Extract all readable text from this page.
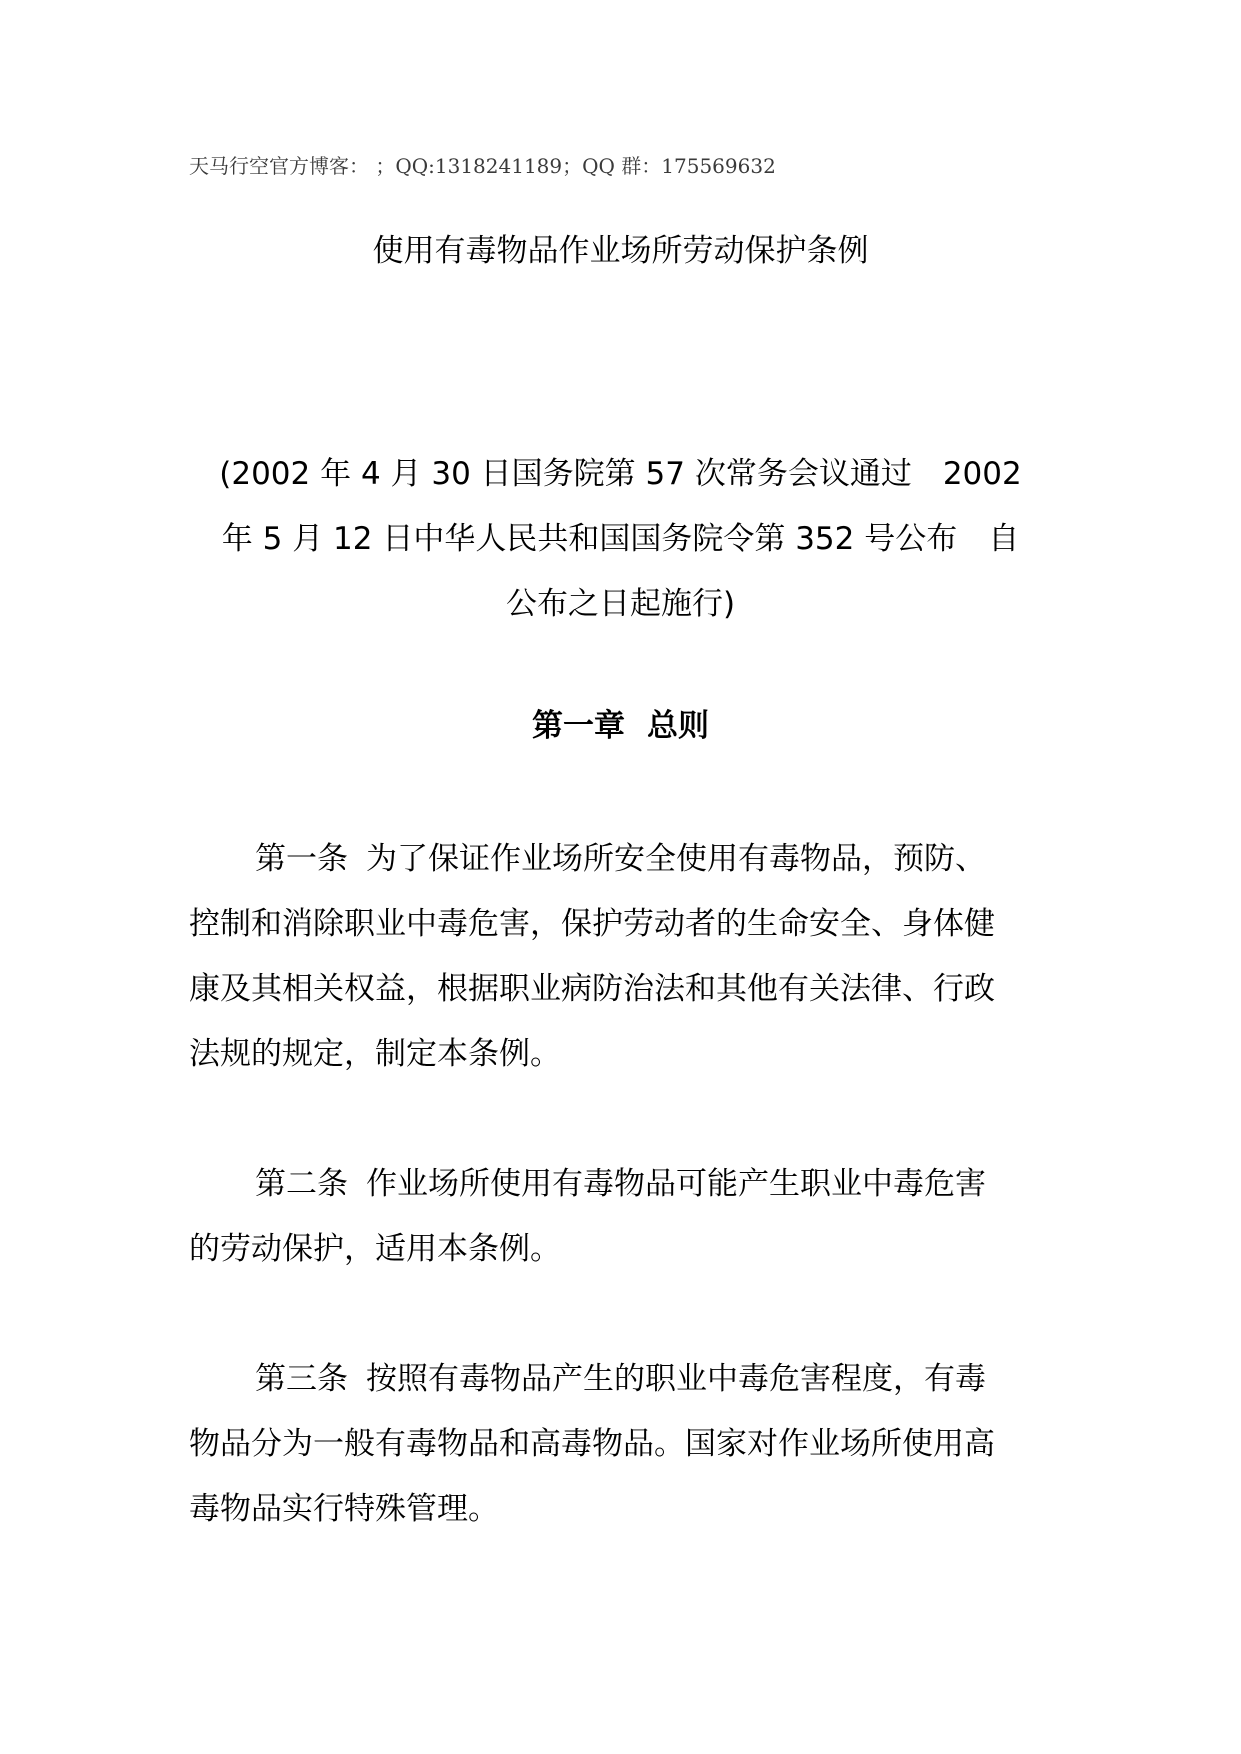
天马行空官方博客： ；QQ:1318241189；QQ 群：175569632
使用有毒物品作业场所劳动保护条例
(2002 年 4 月 30 日国务院第 57 次常务会议通过　2002
年 5 月 12 日中华人民共和国国务院令第 352 号公布　自
公布之日起施行)
第一章 总则
第一条 为了保证作业场所安全使用有毒物品，预防、
控制和消除职业中毒危害，保护劳动者的生命安全、身体健
康及其相关权益，根据职业病防治法和其他有关法律、行政
法规的规定，制定本条例。
第二条 作业场所使用有毒物品可能产生职业中毒危害
的劳动保护，适用本条例。
第三条 按照有毒物品产生的职业中毒危害程度，有毒
物品分为一般有毒物品和高毒物品。国家对作业场所使用高
毒物品实行特殊管理。
